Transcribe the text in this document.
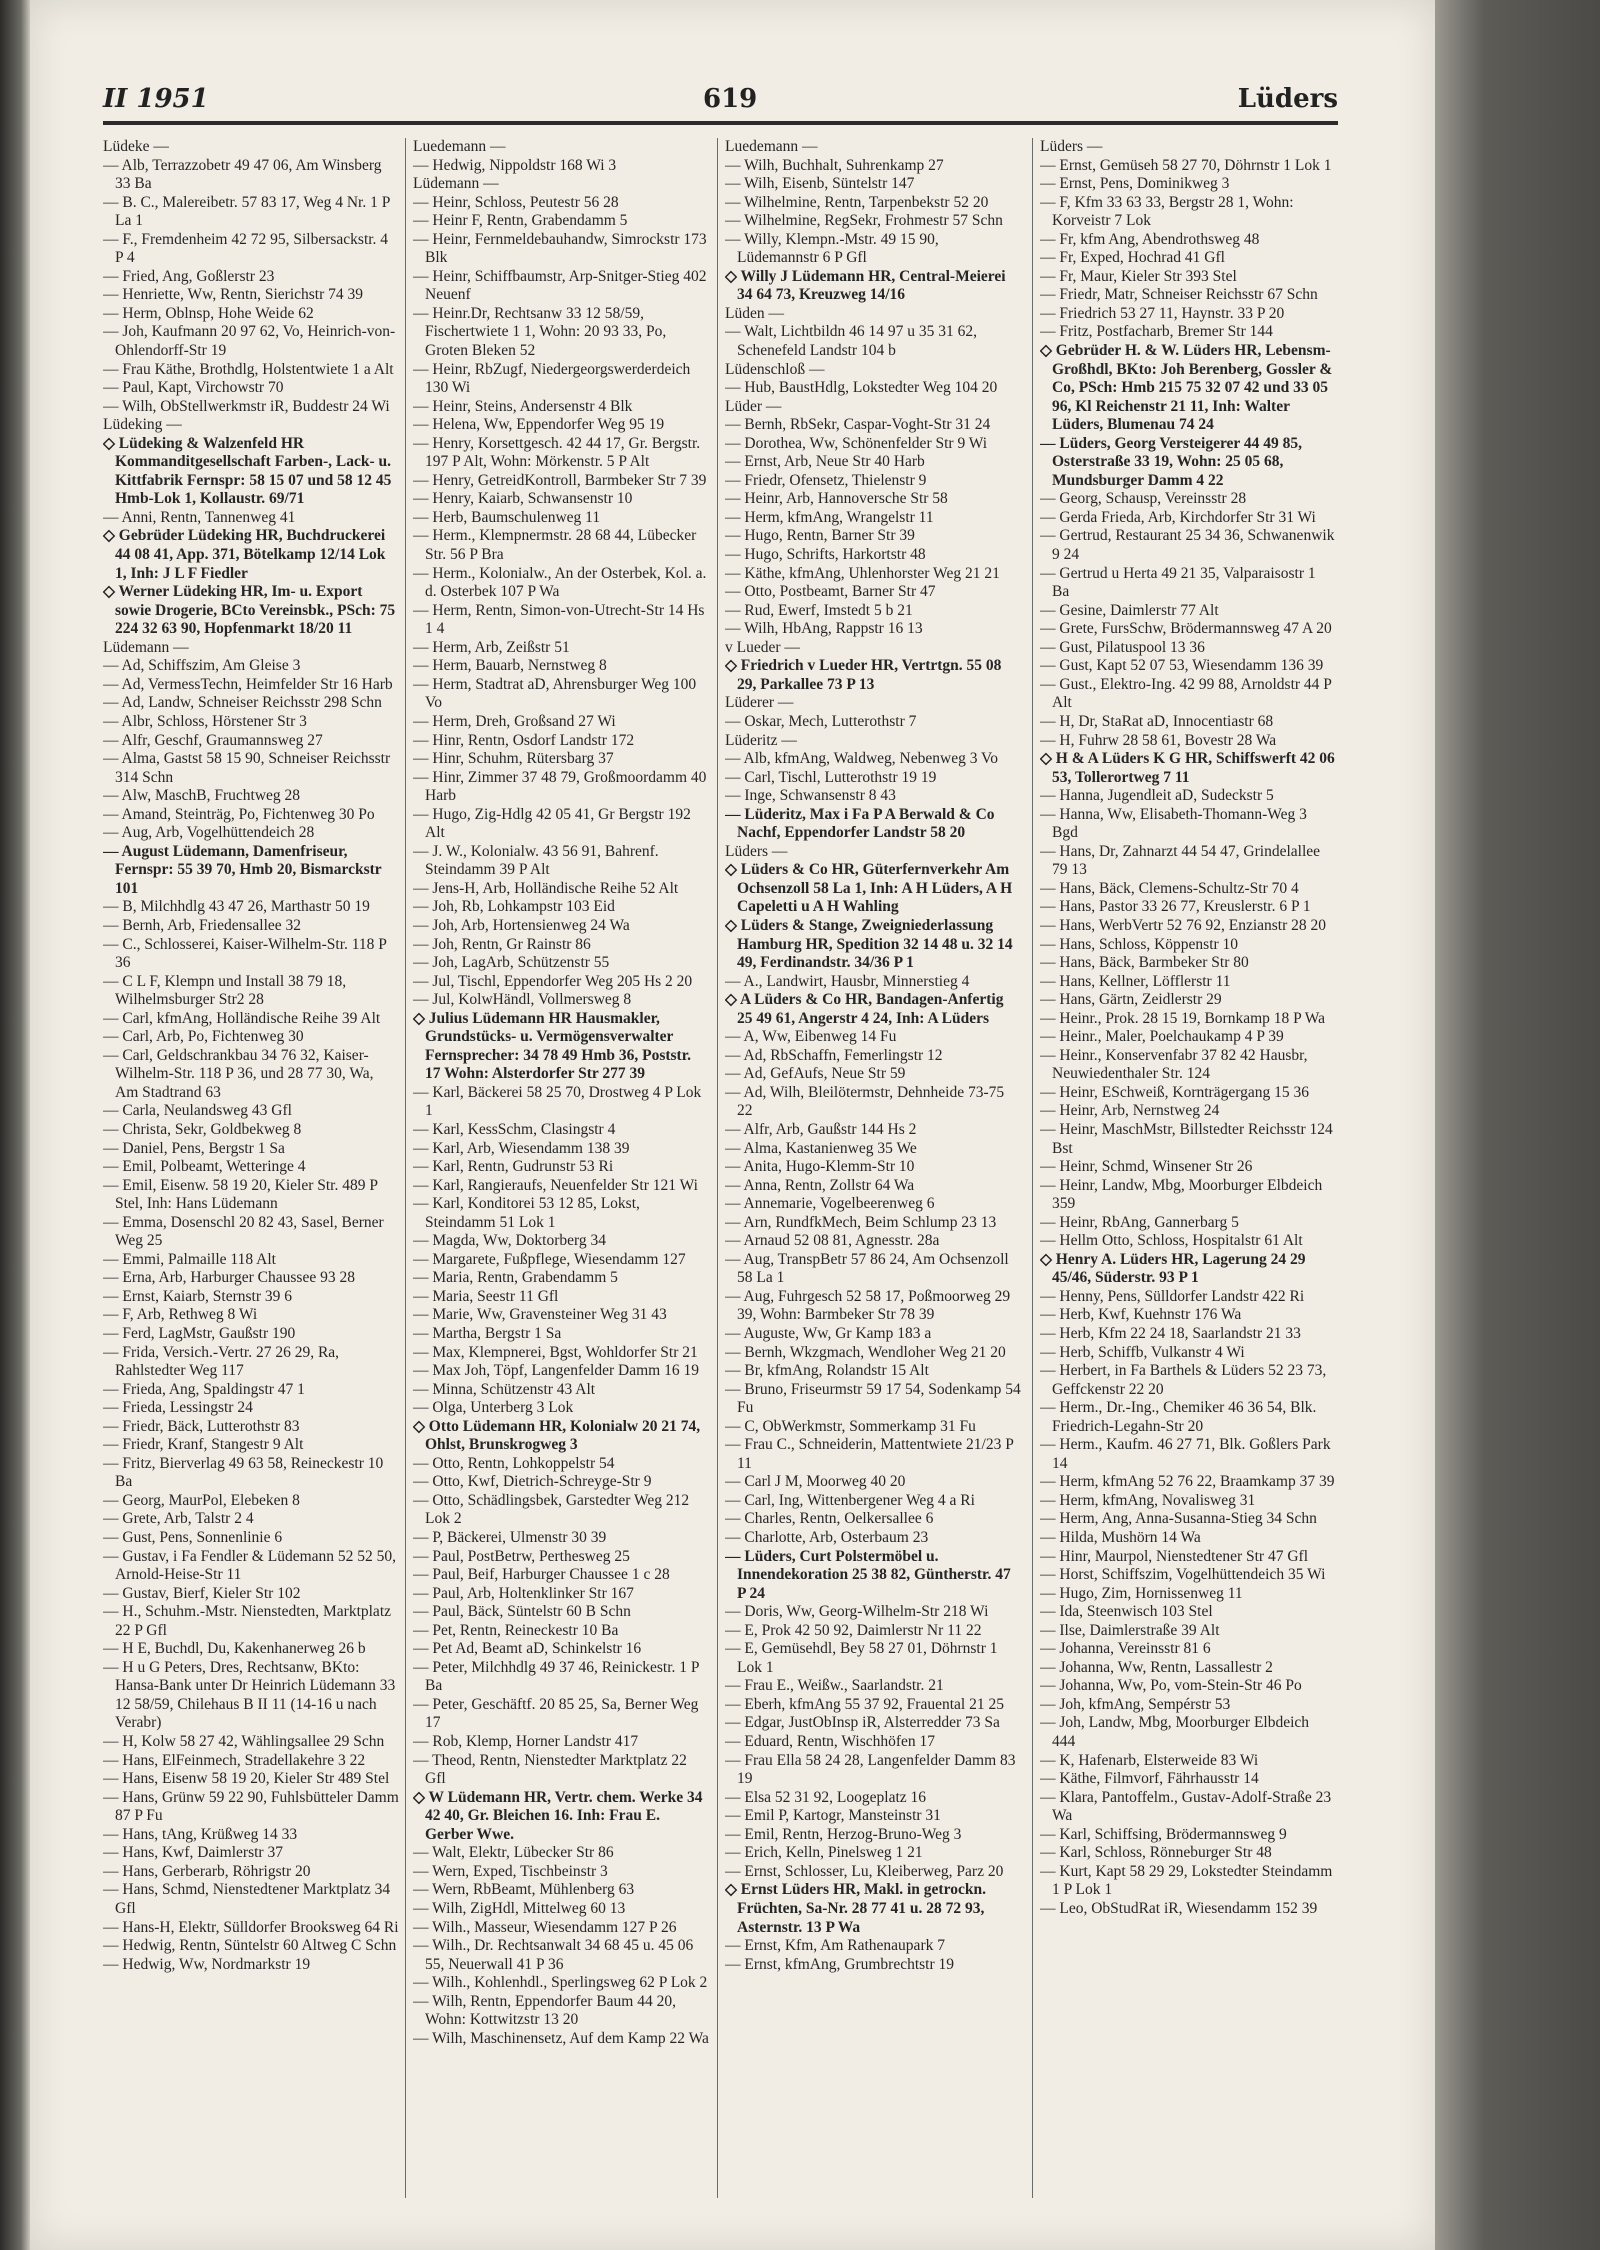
II 1951	619	Lüders
Lüdeke —
— Alb, Terrazzobetr 49 47 06, Am Winsberg 33 Ba
— B. C., Malereibetr. 57 83 17, Weg 4 Nr. 1 P La 1
— F., Fremdenheim 42 72 95, Silbersackstr. 4 P 4
— Fried, Ang, Goßlerstr 23
— Henriette, Ww, Rentn, Sierichstr 74 39
— Herm, Oblnsp, Hohe Weide 62
— Joh, Kaufmann 20 97 62, Vo, Heinrich-von-Ohlendorff-Str 19
— Frau Käthe, Brothdlg, Holstentwiete 1 a Alt
— Paul, Kapt, Virchowstr 70
— Wilh, ObStellwerkmstr iR, Buddestr 24 Wi
Lüdeking —
◇ Lüdeking & Walzenfeld HR Kommanditgesellschaft Farben-, Lack- u. Kittfabrik Fernspr: 58 15 07 und 58 12 45 Hmb-Lok 1, Kollaustr. 69/71
— Anni, Rentn, Tannenweg 41
◇ Gebrüder Lüdeking HR, Buchdruckerei 44 08 41, App. 371, Bötelkamp 12/14 Lok 1, Inh: J L F Fiedler
◇ Werner Lüdeking HR, Im- u. Export sowie Drogerie, BCto Vereinsbk., PSch: 75 224 32 63 90, Hopfenmarkt 18/20 11
Lüdemann —
— Ad, Schiffszim, Am Gleise 3
— Ad, VermessTechn, Heimfelder Str 16 Harb
— Ad, Landw, Schneiser Reichsstr 298 Schn
— Albr, Schloss, Hörstener Str 3
— Alfr, Geschf, Graumannsweg 27
— Alma, Gastst 58 15 90, Schneiser Reichsstr 314 Schn
— Alw, MaschB, Fruchtweg 28
— Amand, Steinträg, Po, Fichtenweg 30 Po
— Aug, Arb, Vogelhüttendeich 28
— August Lüdemann, Damenfriseur, Fernspr: 55 39 70, Hmb 20, Bismarckstr 101
— B, Milchhdlg 43 47 26, Marthastr 50 19
— Bernh, Arb, Friedensallee 32
— C., Schlosserei, Kaiser-Wilhelm-Str. 118 P 36
— C L F, Klempn und Install 38 79 18, Wilhelmsburger Str2 28
— Carl, kfmAng, Holländische Reihe 39 Alt
— Carl, Arb, Po, Fichtenweg 30
— Carl, Geldschrankbau 34 76 32, Kaiser-Wilhelm-Str. 118 P 36, und 28 77 30, Wa, Am Stadtrand 63
— Carla, Neulandsweg 43 Gfl
— Christa, Sekr, Goldbekweg 8
— Daniel, Pens, Bergstr 1 Sa
— Emil, Polbeamt, Wetteringe 4
— Emil, Eisenw. 58 19 20, Kieler Str. 489 P Stel, Inh: Hans Lüdemann
— Emma, Dosenschl 20 82 43, Sasel, Berner Weg 25
— Emmi, Palmaille 118 Alt
— Erna, Arb, Harburger Chaussee 93 28
— Ernst, Kaiarb, Sternstr 39 6
— F, Arb, Rethweg 8 Wi
— Ferd, LagMstr, Gaußstr 190
— Frida, Versich.-Vertr. 27 26 29, Ra, Rahlstedter Weg 117
— Frieda, Ang, Spaldingstr 47 1
— Frieda, Lessingstr 24
— Friedr, Bäck, Lutterothstr 83
— Friedr, Kranf, Stangestr 9 Alt
— Fritz, Bierverlag 49 63 58, Reineckestr 10 Ba
— Georg, MaurPol, Elebeken 8
— Grete, Arb, Talstr 2 4
— Gust, Pens, Sonnenlinie 6
— Gustav, i Fa Fendler & Lüdemann 52 52 50, Arnold-Heise-Str 11
— Gustav, Bierf, Kieler Str 102
— H., Schuhm.-Mstr. Nienstedten, Marktplatz 22 P Gfl
— H E, Buchdl, Du, Kakenhanerweg 26 b
— H u G Peters, Dres, Rechtsanw, BKto: Hansa-Bank unter Dr Heinrich Lüdemann 33 12 58/59, Chilehaus B II 11 (14-16 u nach Verabr)
— H, Kolw 58 27 42, Wählingsallee 29 Schn
— Hans, ElFeinmech, Stradellakehre 3 22
— Hans, Eisenw 58 19 20, Kieler Str 489 Stel
— Hans, Grünw 59 22 90, Fuhlsbütteler Damm 87 P Fu
— Hans, tAng, Krüßweg 14 33
— Hans, Kwf, Daimlerstr 37
— Hans, Gerberarb, Röhrigstr 20
— Hans, Schmd, Nienstedtener Marktplatz 34 Gfl
— Hans-H, Elektr, Sülldorfer Brooksweg 64 Ri
— Hedwig, Rentn, Süntelstr 60 Altweg C Schn
— Hedwig, Ww, Nordmarkstr 19
Luedemann —
— Hedwig, Nippoldstr 168 Wi 3
Lüdemann —
— Heinr, Schloss, Peutestr 56 28
— Heinr F, Rentn, Grabendamm 5
— Heinr, Fernmeldebauhandw, Simrockstr 173 Blk
— Heinr, Schiffbaumstr, Arp-Snitger-Stieg 402 Neuenf
— Heinr.Dr, Rechtsanw 33 12 58/59, Fischertwiete 1 1, Wohn: 20 93 33, Po, Groten Bleken 52
— Heinr, RbZugf, Niedergeorgswerderdeich 130 Wi
— Heinr, Steins, Andersenstr 4 Blk
— Helena, Ww, Eppendorfer Weg 95 19
— Henry, Korsettgesch. 42 44 17, Gr. Bergstr. 197 P Alt, Wohn: Mörkenstr. 5 P Alt
— Henry, GetreidKontroll, Barmbeker Str 7 39
— Henry, Kaiarb, Schwansenstr 10
— Herb, Baumschulenweg 11
— Herm., Klempnermstr. 28 68 44, Lübecker Str. 56 P Bra
— Herm., Kolonialw., An der Osterbek, Kol. a. d. Osterbek 107 P Wa
— Herm, Rentn, Simon-von-Utrecht-Str 14 Hs 1 4
— Herm, Arb, Zeißstr 51
— Herm, Bauarb, Nernstweg 8
— Herm, Stadtrat aD, Ahrensburger Weg 100 Vo
— Herm, Dreh, Großsand 27 Wi
— Hinr, Rentn, Osdorf Landstr 172
— Hinr, Schuhm, Rütersbarg 37
— Hinr, Zimmer 37 48 79, Großmoordamm 40 Harb
— Hugo, Zig-Hdlg 42 05 41, Gr Bergstr 192 Alt
— J. W., Kolonialw. 43 56 91, Bahrenf. Steindamm 39 P Alt
— Jens-H, Arb, Holländische Reihe 52 Alt
— Joh, Rb, Lohkampstr 103 Eid
— Joh, Arb, Hortensienweg 24 Wa
— Joh, Rentn, Gr Rainstr 86
— Joh, LagArb, Schützenstr 55
— Jul, Tischl, Eppendorfer Weg 205 Hs 2 20
— Jul, KolwHändl, Vollmersweg 8
◇ Julius Lüdemann HR Hausmakler, Grundstücks- u. Vermögensverwalter Fernsprecher: 34 78 49 Hmb 36, Poststr. 17 Wohn: Alsterdorfer Str 277 39
— Karl, Bäckerei 58 25 70, Drostweg 4 P Lok 1
— Karl, KessSchm, Clasingstr 4
— Karl, Arb, Wiesendamm 138 39
— Karl, Rentn, Gudrunstr 53 Ri
— Karl, Rangieraufs, Neuenfelder Str 121 Wi
— Karl, Konditorei 53 12 85, Lokst, Steindamm 51 Lok 1
— Magda, Ww, Doktorberg 34
— Margarete, Fußpflege, Wiesendamm 127
— Maria, Rentn, Grabendamm 5
— Maria, Seestr 11 Gfl
— Marie, Ww, Gravensteiner Weg 31 43
— Martha, Bergstr 1 Sa
— Max, Klempnerei, Bgst, Wohldorfer Str 21
— Max Joh, Töpf, Langenfelder Damm 16 19
— Minna, Schützenstr 43 Alt
— Olga, Unterberg 3 Lok
◇ Otto Lüdemann HR, Kolonialw 20 21 74, Ohlst, Brunskrogweg 3
— Otto, Rentn, Lohkoppelstr 54
— Otto, Kwf, Dietrich-Schreyge-Str 9
— Otto, Schädlingsbek, Garstedter Weg 212 Lok 2
— P, Bäckerei, Ulmenstr 30 39
— Paul, PostBetrw, Perthesweg 25
— Paul, Beif, Harburger Chaussee 1 c 28
— Paul, Arb, Holtenklinker Str 167
— Paul, Bäck, Süntelstr 60 B Schn
— Pet, Rentn, Reineckestr 10 Ba
— Pet Ad, Beamt aD, Schinkelstr 16
— Peter, Milchhdlg 49 37 46, Reinickestr. 1 P Ba
— Peter, Geschäftf. 20 85 25, Sa, Berner Weg 17
— Rob, Klemp, Horner Landstr 417
— Theod, Rentn, Nienstedter Marktplatz 22 Gfl
◇ W Lüdemann HR, Vertr. chem. Werke 34 42 40, Gr. Bleichen 16. Inh: Frau E. Gerber Wwe.
— Walt, Elektr, Lübecker Str 86
— Wern, Exped, Tischbeinstr 3
— Wern, RbBeamt, Mühlenberg 63
— Wilh, ZigHdl, Mittelweg 60 13
— Wilh., Masseur, Wiesendamm 127 P 26
— Wilh., Dr. Rechtsanwalt 34 68 45 u. 45 06 55, Neuerwall 41 P 36
— Wilh., Kohlenhdl., Sperlingsweg 62 P Lok 2
— Wilh, Rentn, Eppendorfer Baum 44 20, Wohn: Kottwitzstr 13 20
— Wilh, Maschinensetz, Auf dem Kamp 22 Wa
Luedemann —
— Wilh, Buchhalt, Suhrenkamp 27
— Wilh, Eisenb, Süntelstr 147
— Wilhelmine, Rentn, Tarpenbekstr 52 20
— Wilhelmine, RegSekr, Frohmestr 57 Schn
— Willy, Klempn.-Mstr. 49 15 90, Lüdemannstr 6 P Gfl
◇ Willy J Lüdemann HR, Central-Meierei 34 64 73, Kreuzweg 14/16
Lüden —
— Walt, Lichtbildn 46 14 97 u 35 31 62, Schenefeld Landstr 104 b
Lüdenschloß —
— Hub, BaustHdlg, Lokstedter Weg 104 20
Lüder —
— Bernh, RbSekr, Caspar-Voght-Str 31 24
— Dorothea, Ww, Schönenfelder Str 9 Wi
— Ernst, Arb, Neue Str 40 Harb
— Friedr, Ofensetz, Thielenstr 9
— Heinr, Arb, Hannoversche Str 58
— Herm, kfmAng, Wrangelstr 11
— Hugo, Rentn, Barner Str 39
— Hugo, Schrifts, Harkortstr 48
— Käthe, kfmAng, Uhlenhorster Weg 21 21
— Otto, Postbeamt, Barner Str 47
— Rud, Ewerf, Imstedt 5 b 21
— Wilh, HbAng, Rappstr 16 13
v Lueder —
◇ Friedrich v Lueder HR, Vertrtgn. 55 08 29, Parkallee 73 P 13
Lüderer —
— Oskar, Mech, Lutterothstr 7
Lüderitz —
— Alb, kfmAng, Waldweg, Nebenweg 3 Vo
— Carl, Tischl, Lutterothstr 19 19
— Inge, Schwansenstr 8 43
— Lüderitz, Max i Fa P A Berwald & Co Nachf, Eppendorfer Landstr 58 20
Lüders —
◇ Lüders & Co HR, Güterfernverkehr Am Ochsenzoll 58 La 1, Inh: A H Lüders, A H Capeletti u A H Wahling
◇ Lüders & Stange, Zweigniederlassung Hamburg HR, Spedition 32 14 48 u. 32 14 49, Ferdinandstr. 34/36 P 1
— A., Landwirt, Hausbr, Minnerstieg 4
◇ A Lüders & Co HR, Bandagen-Anfertig 25 49 61, Angerstr 4 24, Inh: A Lüders
— A, Ww, Eibenweg 14 Fu
— Ad, RbSchaffn, Femerlingstr 12
— Ad, GefAufs, Neue Str 59
— Ad, Wilh, Bleilötermstr, Dehnheide 73-75 22
— Alfr, Arb, Gaußstr 144 Hs 2
— Alma, Kastanienweg 35 We
— Anita, Hugo-Klemm-Str 10
— Anna, Rentn, Zollstr 64 Wa
— Annemarie, Vogelbeerenweg 6
— Arn, RundfkMech, Beim Schlump 23 13
— Arnaud 52 08 81, Agnesstr. 28a
— Aug, TranspBetr 57 86 24, Am Ochsenzoll 58 La 1
— Aug, Fuhrgesch 52 58 17, Poßmoorweg 29 39, Wohn: Barmbeker Str 78 39
— Auguste, Ww, Gr Kamp 183 a
— Bernh, Wkzgmach, Wendloher Weg 21 20
— Br, kfmAng, Rolandstr 15 Alt
— Bruno, Friseurmstr 59 17 54, Sodenkamp 54 Fu
— C, ObWerkmstr, Sommerkamp 31 Fu
— Frau C., Schneiderin, Mattentwiete 21/23 P 11
— Carl J M, Moorweg 40 20
— Carl, Ing, Wittenbergener Weg 4 a Ri
— Charles, Rentn, Oelkersallee 6
— Charlotte, Arb, Osterbaum 23
— Lüders, Curt Polstermöbel u. Innendekoration 25 38 82, Güntherstr. 47 P 24
— Doris, Ww, Georg-Wilhelm-Str 218 Wi
— E, Prok 42 50 92, Daimlerstr Nr 11 22
— E, Gemüsehdl, Bey 58 27 01, Döhrnstr 1 Lok 1
— Frau E., Weißw., Saarlandstr. 21
— Eberh, kfmAng 55 37 92, Frauental 21 25
— Edgar, JustObInsp iR, Alsterredder 73 Sa
— Eduard, Rentn, Wischhöfen 17
— Frau Ella 58 24 28, Langenfelder Damm 83 19
— Elsa 52 31 92, Loogeplatz 16
— Emil P, Kartogr, Mansteinstr 31
— Emil, Rentn, Herzog-Bruno-Weg 3
— Erich, Kelln, Pinelsweg 1 21
— Ernst, Schlosser, Lu, Kleiberweg, Parz 20
◇ Ernst Lüders HR, Makl. in getrockn. Früchten, Sa-Nr. 28 77 41 u. 28 72 93, Asternstr. 13 P Wa
— Ernst, Kfm, Am Rathenaupark 7
— Ernst, kfmAng, Grumbrechtstr 19
Lüders —
— Ernst, Gemüseh 58 27 70, Döhrnstr 1 Lok 1
— Ernst, Pens, Dominikweg 3
— F, Kfm 33 63 33, Bergstr 28 1, Wohn: Korveistr 7 Lok
— Fr, kfm Ang, Abendrothsweg 48
— Fr, Exped, Hochrad 41 Gfl
— Fr, Maur, Kieler Str 393 Stel
— Friedr, Matr, Schneiser Reichsstr 67 Schn
— Friedrich 53 27 11, Haynstr. 33 P 20
— Fritz, Postfacharb, Bremer Str 144
◇ Gebrüder H. & W. Lüders HR, Lebensm-Großhdl, BKto: Joh Berenberg, Gossler & Co, PSch: Hmb 215 75 32 07 42 und 33 05 96, Kl Reichenstr 21 11, Inh: Walter Lüders, Blumenau 74 24
— Lüders, Georg Versteigerer 44 49 85, Osterstraße 33 19, Wohn: 25 05 68, Mundsburger Damm 4 22
— Georg, Schausp, Vereinsstr 28
— Gerda Frieda, Arb, Kirchdorfer Str 31 Wi
— Gertrud, Restaurant 25 34 36, Schwanenwik 9 24
— Gertrud u Herta 49 21 35, Valparaisostr 1 Ba
— Gesine, Daimlerstr 77 Alt
— Grete, FursSchw, Brödermannsweg 47 A 20
— Gust, Pilatuspool 13 36
— Gust, Kapt 52 07 53, Wiesendamm 136 39
— Gust., Elektro-Ing. 42 99 88, Arnoldstr 44 P Alt
— H, Dr, StaRat aD, Innocentiastr 68
— H, Fuhrw 28 58 61, Bovestr 28 Wa
◇ H & A Lüders K G HR, Schiffswerft 42 06 53, Tollerortweg 7 11
— Hanna, Jugendleit aD, Sudeckstr 5
— Hanna, Ww, Elisabeth-Thomann-Weg 3 Bgd
— Hans, Dr, Zahnarzt 44 54 47, Grindelallee 79 13
— Hans, Bäck, Clemens-Schultz-Str 70 4
— Hans, Pastor 33 26 77, Kreuslerstr. 6 P 1
— Hans, WerbVertr 52 76 92, Enzianstr 28 20
— Hans, Schloss, Köppenstr 10
— Hans, Bäck, Barmbeker Str 80
— Hans, Kellner, Löfflerstr 11
— Hans, Gärtn, Zeidlerstr 29
— Heinr., Prok. 28 15 19, Bornkamp 18 P Wa
— Heinr., Maler, Poelchaukamp 4 P 39
— Heinr., Konservenfabr 37 82 42 Hausbr, Neuwiedenthaler Str. 124
— Heinr, ESchweiß, Kornträgergang 15 36
— Heinr, Arb, Nernstweg 24
— Heinr, MaschMstr, Billstedter Reichsstr 124 Bst
— Heinr, Schmd, Winsener Str 26
— Heinr, Landw, Mbg, Moorburger Elbdeich 359
— Heinr, RbAng, Gannerbarg 5
— Hellm Otto, Schloss, Hospitalstr 61 Alt
◇ Henry A. Lüders HR, Lagerung 24 29 45/46, Süderstr. 93 P 1
— Henny, Pens, Sülldorfer Landstr 422 Ri
— Herb, Kwf, Kuehnstr 176 Wa
— Herb, Kfm 22 24 18, Saarlandstr 21 33
— Herb, Schiffb, Vulkanstr 4 Wi
— Herbert, in Fa Barthels & Lüders 52 23 73, Geffckenstr 22 20
— Herm., Dr.-Ing., Chemiker 46 36 54, Blk. Friedrich-Legahn-Str 20
— Herm., Kaufm. 46 27 71, Blk. Goßlers Park 14
— Herm, kfmAng 52 76 22, Braamkamp 37 39
— Herm, kfmAng, Novalisweg 31
— Herm, Ang, Anna-Susanna-Stieg 34 Schn
— Hilda, Mushörn 14 Wa
— Hinr, Maurpol, Nienstedtener Str 47 Gfl
— Horst, Schiffszim, Vogelhüttendeich 35 Wi
— Hugo, Zim, Hornissenweg 11
— Ida, Steenwisch 103 Stel
— Ilse, Daimlerstraße 39 Alt
— Johanna, Vereinsstr 81 6
— Johanna, Ww, Rentn, Lassallestr 2
— Johanna, Ww, Po, vom-Stein-Str 46 Po
— Joh, kfmAng, Sempérstr 53
— Joh, Landw, Mbg, Moorburger Elbdeich 444
— K, Hafenarb, Elsterweide 83 Wi
— Käthe, Filmvorf, Fährhausstr 14
— Klara, Pantoffelm., Gustav-Adolf-Straße 23 Wa
— Karl, Schiffsing, Brödermannsweg 9
— Karl, Schloss, Rönneburger Str 48
— Kurt, Kapt 58 29 29, Lokstedter Steindamm 1 P Lok 1
— Leo, ObStudRat iR, Wiesendamm 152 39
